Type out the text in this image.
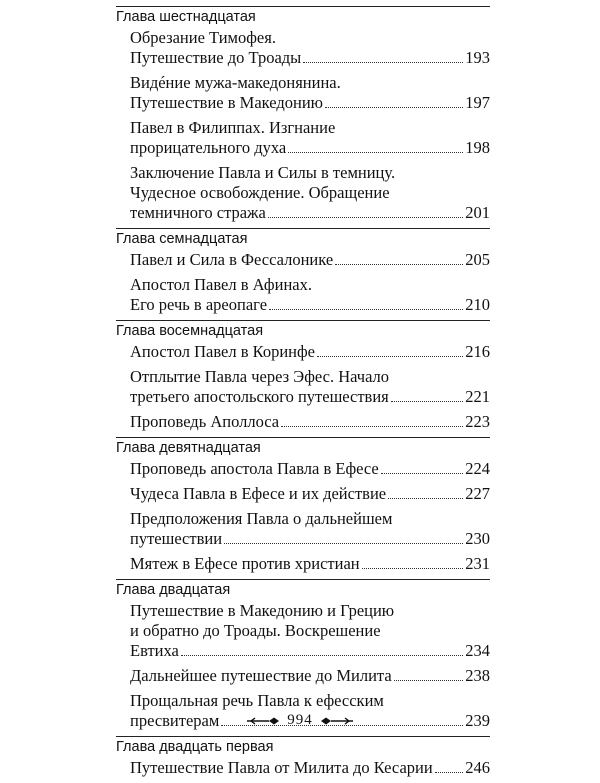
Глава шестнадцатая
Обрезание Тимофея.
Путешествие до Троады	193
Видéние мужа-македонянина.
Путешествие в Македонию	197
Павел в Филиппах. Изгнание
прорицательного духа	198
Заключение Павла и Силы в темницу.
Чудесное освобождение. Обращение
темничного стража	201
Глава семнадцатая
Павел и Сила в Фессалонике	205
Апостол Павел в Афинах.
Его речь в ареопаге	210
Глава восемнадцатая
Апостол Павел в Коринфе	216
Отплытие Павла через Эфес. Начало
третьего апостольского путешествия	221
Проповедь Аполлоса	223
Глава девятнадцатая
Проповедь апостола Павла в Ефесе	224
Чудеса Павла в Ефесе и их действие	227
Предположения Павла о дальнейшем
путешествии	230
Мятеж в Ефесе против христиан	231
Глава двадцатая
Путешествие в Македонию и Грецию
и обратно до Троады. Воскрешение
Евтиха	234
Дальнейшее путешествие до Милита	238
Прощальная речь Павла к ефесским
пресвитерам	239
Глава двадцать первая
Путешествие Павла от Милита до Кесарии 246
994
